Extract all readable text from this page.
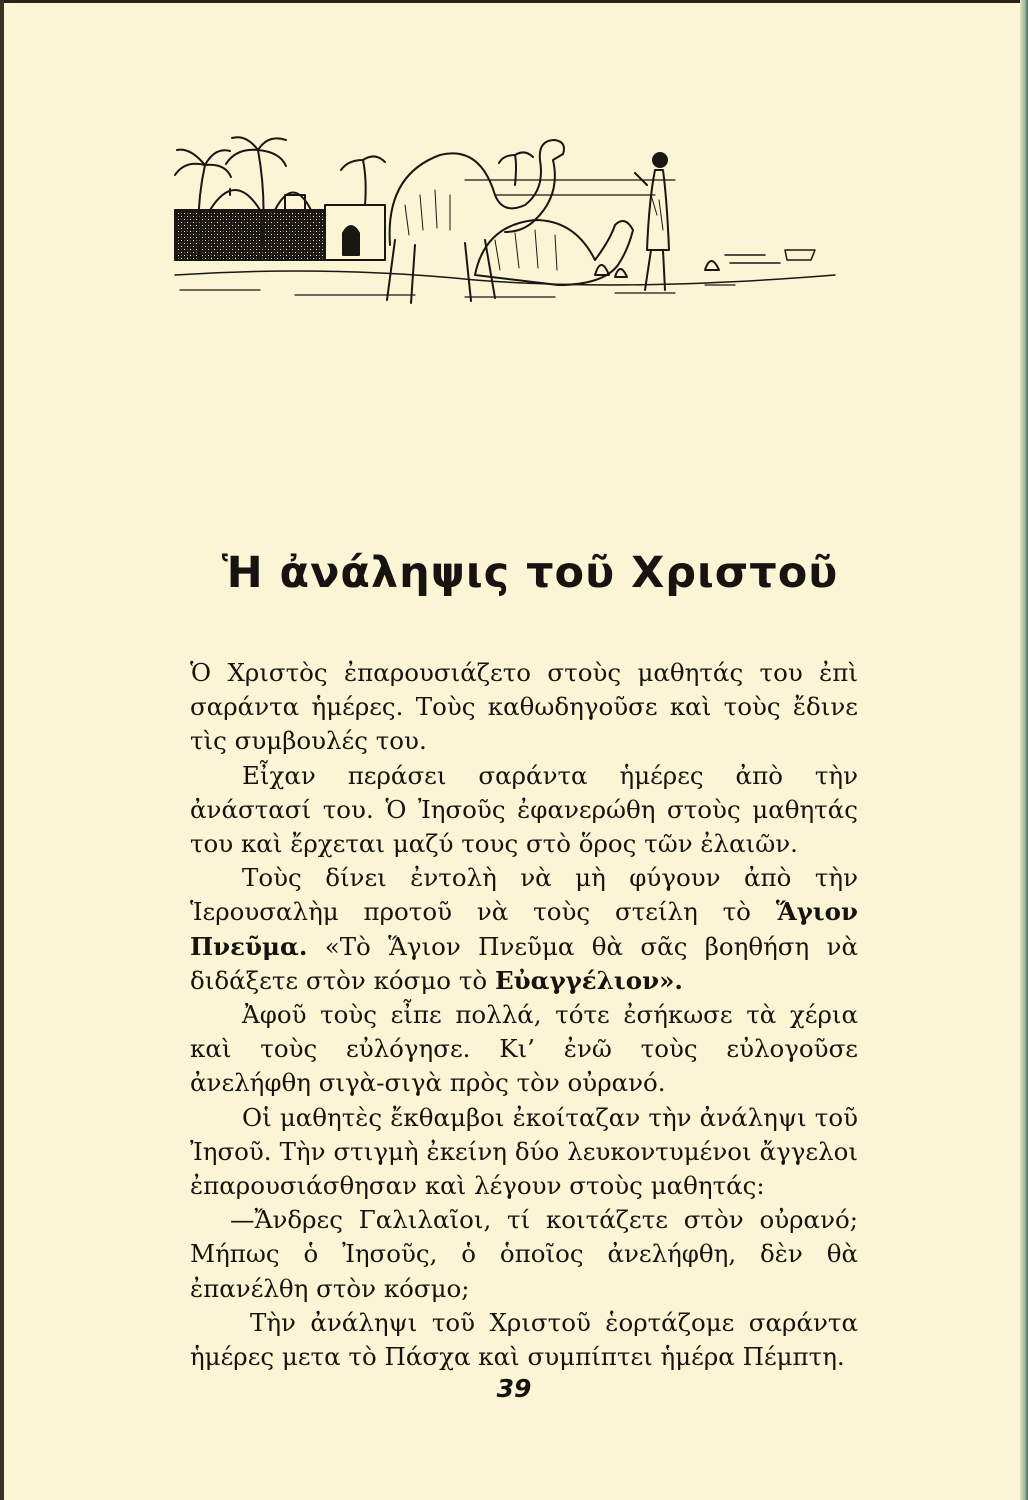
Ἡ ἀνάληψις τοῦ Χριστοῦ

Ὁ Χριστὸς ἐπαρουσιάζετο στοὺς μαθητάς του ἐπὶ σαράντα ἡμέρες. Τοὺς καθωδηγοῦσε καὶ τοὺς ἔδινε τὶς συμβουλές του.

Εἶχαν περάσει σαράντα ἡμέρες ἀπὸ τὴν ἀνάστασί του. Ὁ Ἰησοῦς ἐφανερώθη στοὺς μαθητάς του καὶ ἔρχεται μαζύ τους στὸ ὅρος τῶν ἐλαιῶν.

Τοὺς δίνει ἐντολὴ νὰ μὴ φύγουν ἀπὸ τὴν Ἱερουσαλὴμ προτοῦ νὰ τοὺς στείλη τὸ Ἅγιον Πνεῦμα. «Τὸ Ἅγιον Πνεῦμα θὰ σᾶς βοηθήση νὰ διδάξετε στὸν κόσμο τὸ Εὐαγγέλιον».

Ἀφοῦ τοὺς εἶπε πολλά, τότε ἐσήκωσε τὰ χέρια καὶ τοὺς εὐλόγησε. Κι’ ἐνῶ τοὺς εὐλογοῦσε ἀνελήφθη σιγὰ-σιγὰ πρὸς τὸν οὐρανό.

Οἱ μαθητὲς ἔκθαμβοι ἐκοίταζαν τὴν ἀνάληψι τοῦ Ἰησοῦ. Τὴν στιγμὴ ἐκείνη δύο λευκοντυμένοι ἄγγελοι ἐπαρουσιάσθησαν καὶ λέγουν στοὺς μαθητάς:

—Ἄνδρες Γαλιλαῖοι, τί κοιτάζετε στὸν οὐρανό; Μήπως ὁ Ἰησοῦς, ὁ ὁποῖος ἀνελήφθη, δὲν θὰ ἐπανέλθη στὸν κόσμο;

Τὴν ἀνάληψι τοῦ Χριστοῦ ἑορτάζομε σαράντα ἡμέρες μετα τὸ Πάσχα καὶ συμπίπτει ἡμέρα Πέμπτη.

39
